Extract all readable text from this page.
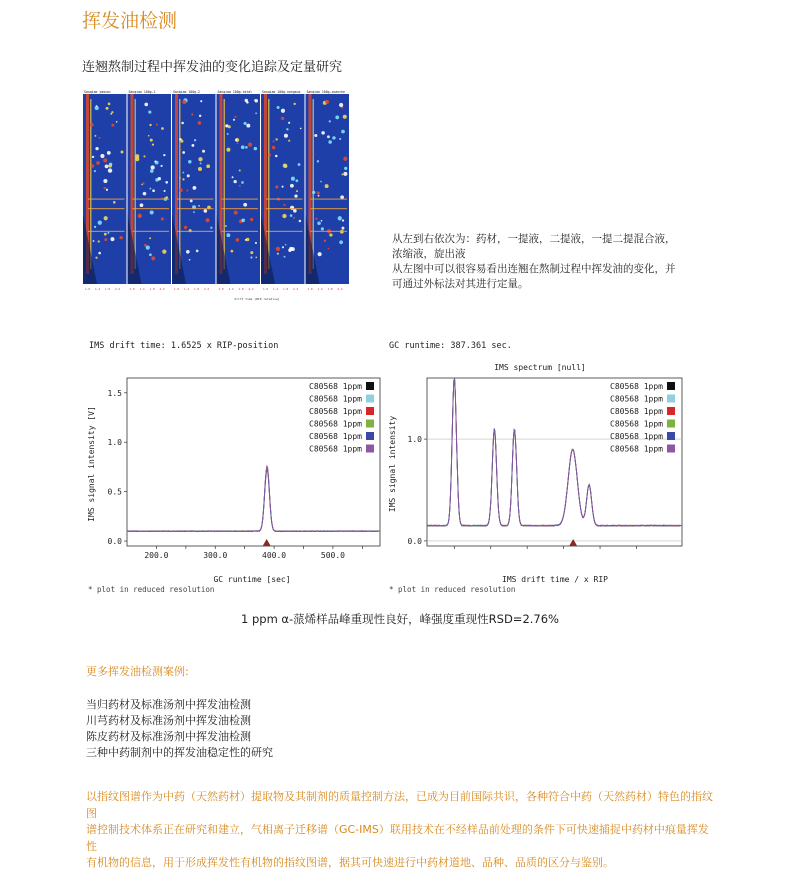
挥发油检测
连翘熬制过程中挥发油的变化追踪及定量研究
Sanqiao yaocai
1.0 1.4 1.8 2.2
Sanqiao 100g-1
1.0 1.4 1.8 2.2
Sanqiao 100g-2
1.0 1.4 1.8 2.2
Sanqiao 100g-total
1.0 1.4 1.8 2.2
Sanqiao 100g-nongsuo
1.0 1.4 1.8 2.2
Sanqiao 100g-xuanche
1.0 1.4 1.8 2.2
drift time [RIP relative]
从左到右依次为：药材，一提液，二提液，一提二提混合液，
浓缩液，旋出液
从左图中可以很容易看出连翘在熬制过程中挥发油的变化，并
可通过外标法对其进行定量。
IMS drift time: 1.6525 x RIP-position
0.0
0.5
1.0
1.5
200.0	300.0	400.0	500.0
C80568 1ppm
C80568 1ppm
C80568 1ppm
C80568 1ppm
C80568 1ppm
C80568 1ppm
IMS signal intensity [V]
GC runtime [sec]
* plot in reduced resolution
GC runtime: 387.361 sec.
IMS spectrum [null]
0.0
1.0
C80568 1ppm
C80568 1ppm
C80568 1ppm
C80568 1ppm
C80568 1ppm
C80568 1ppm
IMS signal intensity
IMS drift time / x RIP
* plot in reduced resolution
1 ppm α-蒎烯样品峰重现性良好，峰强度重现性RSD=2.76%
更多挥发油检测案例:
当归药材及标准汤剂中挥发油检测
川芎药材及标准汤剂中挥发油检测
陈皮药材及标准汤剂中挥发油检测
三种中药制剂中的挥发油稳定性的研究
以指纹图谱作为中药（天然药材）提取物及其制剂的质量控制方法，已成为目前国际共识，各种符合中药（天然药材）特色的指纹图
谱控制技术体系正在研究和建立，气相离子迁移谱（GC-IMS）联用技术在不经样品前处理的条件下可快速捕捉中药材中痕量挥发性
有机物的信息，用于形成挥发性有机物的指纹图谱，据其可快速进行中药材道地、品种、品质的区分与鉴别。
